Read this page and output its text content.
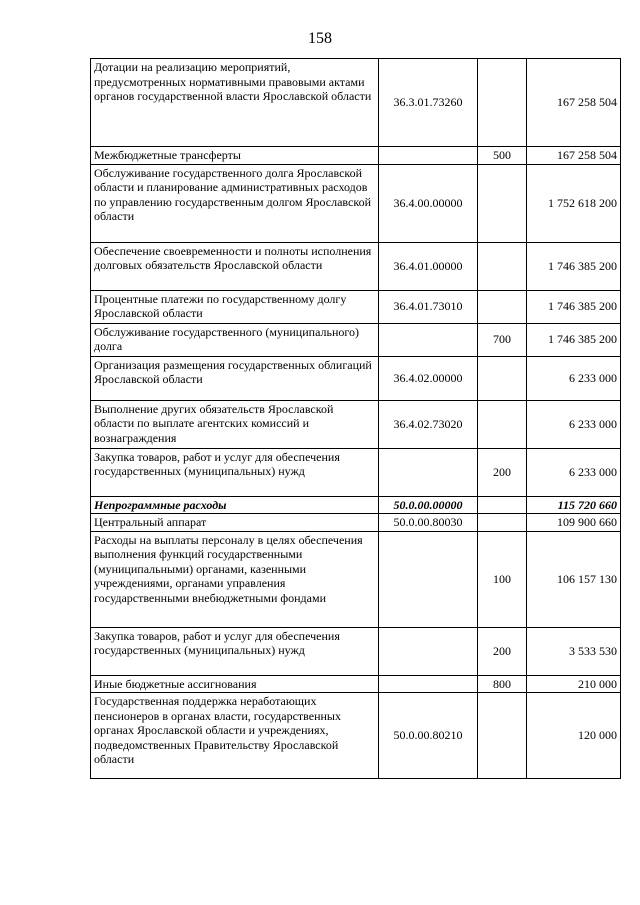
158
Дотации на реализацию мероприятий, предусмотренных нормативными правовыми актами органов государственной власти Ярославской области	36.3.01.73260		167 258 504
Межбюджетные трансферты		500	167 258 504
Обслуживание государственного долга Ярославской области и планирование административных расходов по управлению государственным долгом Ярославской области	36.4.00.00000		1 752 618 200
Обеспечение своевременности и полноты исполнения долговых обязательств Ярославской области	36.4.01.00000		1 746 385 200
Процентные платежи по государственному долгу Ярославской области	36.4.01.73010		1 746 385 200
Обслуживание государственного (муниципального) долга		700	1 746 385 200
Организация размещения государственных облигаций Ярославской области	36.4.02.00000		6 233 000
Выполнение других обязательств Ярославской области по выплате агентских комиссий и вознаграждения	36.4.02.73020		6 233 000
Закупка товаров, работ и услуг для обеспечения государственных (муниципальных) нужд		200	6 233 000
Непрограммные расходы	50.0.00.00000		115 720 660
Центральный аппарат	50.0.00.80030		109 900 660
Расходы на выплаты персоналу в целях обеспечения выполнения функций государственными (муниципальными) органами, казенными учреждениями, органами управления государственными внебюджетными фондами		100	106 157 130
Закупка товаров, работ и услуг для обеспечения государственных (муниципальных) нужд		200	3 533 530
Иные бюджетные ассигнования		800	210 000
Государственная поддержка неработающих пенсионеров в органах власти, государственных органах Ярославской области и учреждениях, подведомственных Правительству Ярославской области	50.0.00.80210		120 000
